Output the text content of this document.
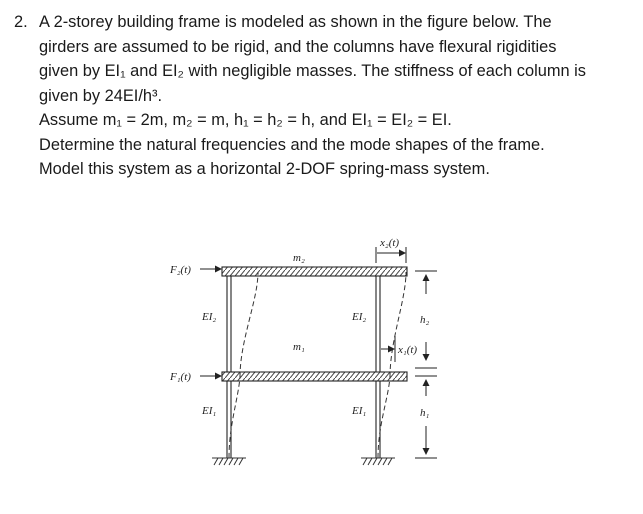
2. A 2-storey building frame is modeled as shown in the figure below. The
girders are assumed to be rigid, and the columns have flexural rigidities
given by EI₁ and EI₂ with negligible masses. The stiffness of each column is
given by 24EI/h³.
Assume m₁ = 2m, m₂ = m, h₁ = h₂ = h, and EI₁ = EI₂ = EI.
Determine the natural frequencies and the mode shapes of the frame.
Model this system as a horizontal 2-DOF spring-mass system.
F₂(t)
F₁(t)
m₂
m₁
EI₂	EI₂
EI₁	EI₁
x₂(t)
x₁(t)
h₂
h₁
